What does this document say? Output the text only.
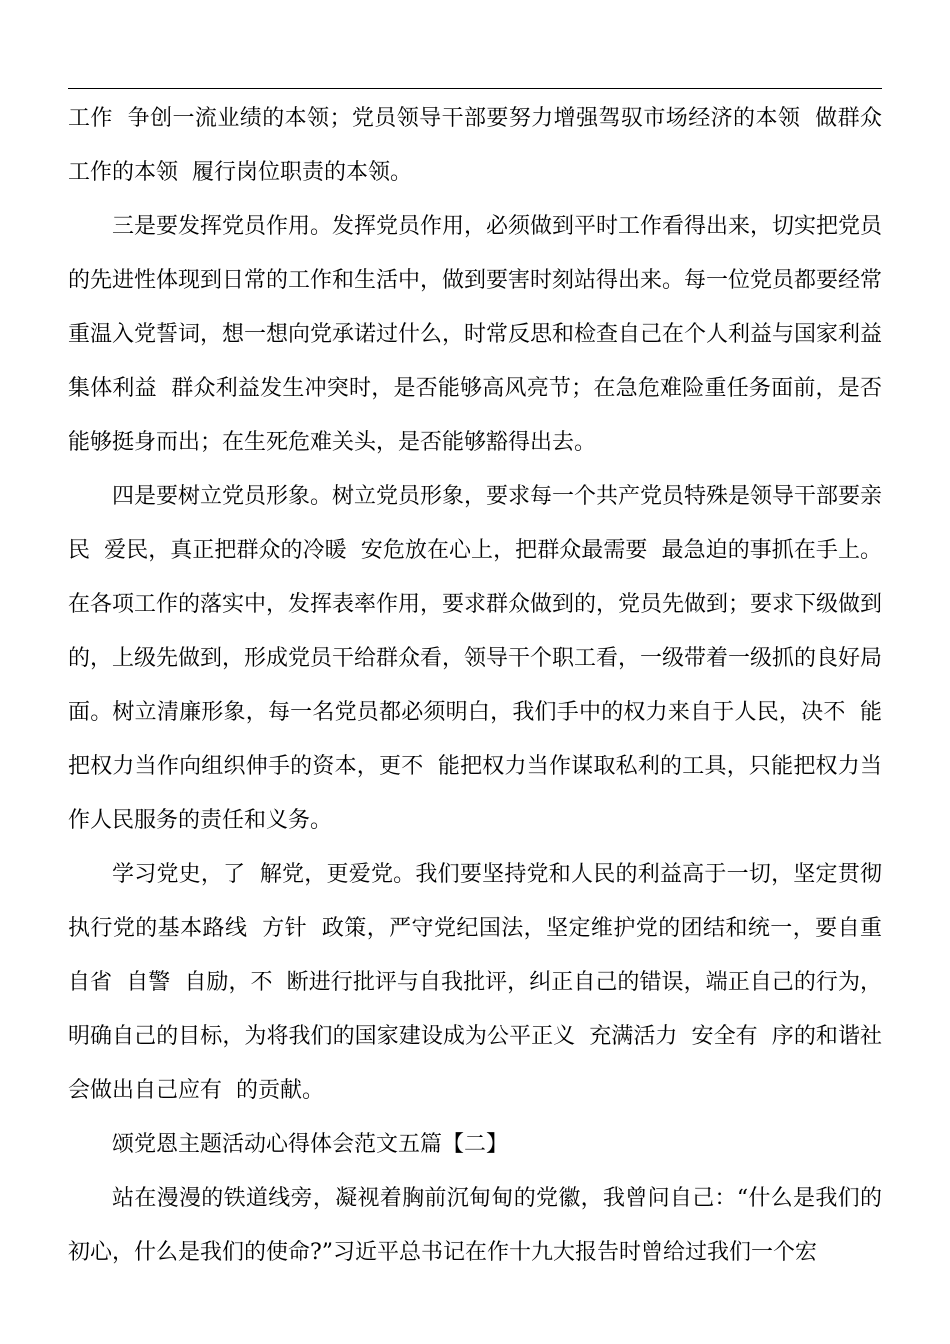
工作  争创一流业绩的本领；党员领导干部要努力增强驾驭市场经济的本领  做群众工作的本领  履行岗位职责的本领。

三是要发挥党员作用。发挥党员作用，必须做到平时工作看得出来，切实把党员的先进性体现到日常的工作和生活中，做到要害时刻站得出来。每一位党员都要经常重温入党誓词，想一想向党承诺过什么，时常反思和检查自己在个人利益与国家利益  集体利益  群众利益发生冲突时，是否能够高风亮节；在急危难险重任务面前，是否能够挺身而出；在生死危难关头，是否能够豁得出去。

四是要树立党员形象。树立党员形象，要求每一个共产党员特殊是领导干部要亲民  爱民，真正把群众的冷暖  安危放在心上，把群众最需要  最急迫的事抓在手上。在各项工作的落实中，发挥表率作用，要求群众做到的，党员先做到；要求下级做到的，上级先做到，形成党员干给群众看，领导干个职工看，一级带着一级抓的良好局面。树立清廉形象，每一名党员都必须明白，我们手中的权力来自于人民，决不  能把权力当作向组织伸手的资本，更不  能把权力当作谋取私利的工具，只能把权力当作人民服务的责任和义务。

学习党史，了  解党，更爱党。我们要坚持党和人民的利益高于一切，坚定贯彻执行党的基本路线  方针  政策，严守党纪国法，坚定维护党的团结和统一，要自重  自省  自警  自励，不  断进行批评与自我批评，纠正自己的错误，端正自己的行为，明确自己的目标，为将我们的国家建设成为公平正义  充满活力  安全有  序的和谐社会做出自己应有  的贡献。

颂党恩主题活动心得体会范文五篇【二】

站在漫漫的铁道线旁，凝视着胸前沉甸甸的党徽，我曾问自己：“什么是我们的初心，什么是我们的使命?”习近平总书记在作十九大报告时曾给过我们一个宏
